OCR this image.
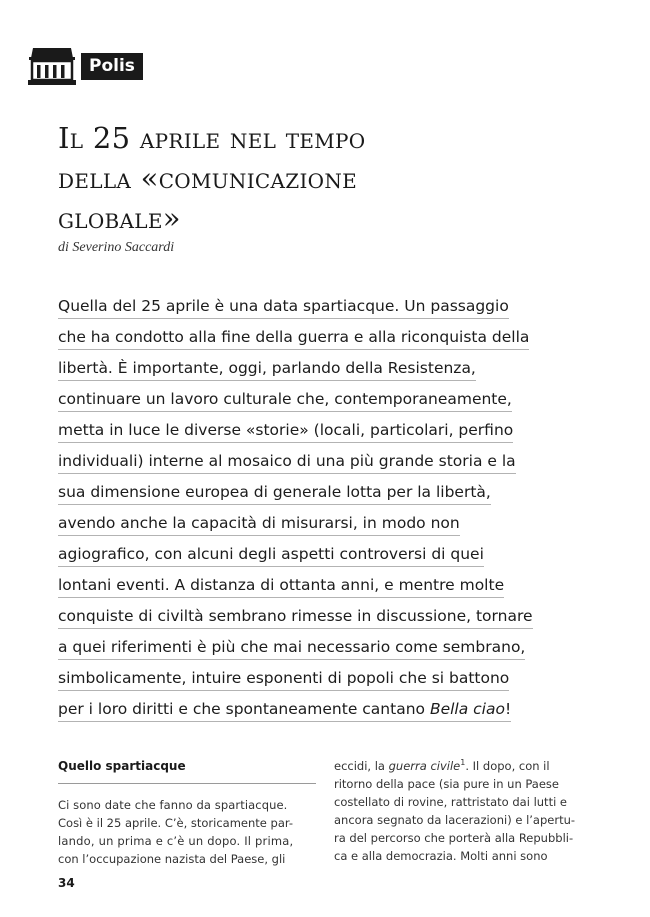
Polis
Il 25 aprile nel tempo
della «comunicazione
globale»

di Severino Saccardi

Quella del 25 aprile è una data spartiacque. Un passaggio
che ha condotto alla fine della guerra e alla riconquista della
libertà. È importante, oggi, parlando della Resistenza,
continuare un lavoro culturale che, contemporaneamente,
metta in luce le diverse «storie» (locali, particolari, perfino
individuali) interne al mosaico di una più grande storia e la
sua dimensione europea di generale lotta per la libertà,
avendo anche la capacità di misurarsi, in modo non
agiografico, con alcuni degli aspetti controversi di quei
lontani eventi. A distanza di ottanta anni, e mentre molte
conquiste di civiltà sembrano rimesse in discussione, tornare
a quei riferimenti è più che mai necessario come sembrano,
simbolicamente, intuire esponenti di popoli che si battono
per i loro diritti e che spontaneamente cantano Bella ciao!
Quello spartiacque
Ci sono date che fanno da spartiacque.
Così è il 25 aprile. C’è, storicamente par-
lando, un prima e c’è un dopo. Il prima,
con l’occupazione nazista del Paese, gli
eccidi, la guerra civile$^1$. Il dopo, con il
ritorno della pace (sia pure in un Paese
costellato di rovine, rattristato dai lutti e
ancora segnato da lacerazioni) e l’apertu-
ra del percorso che porterà alla Repubbli-
ca e alla democrazia. Molti anni sono

34
